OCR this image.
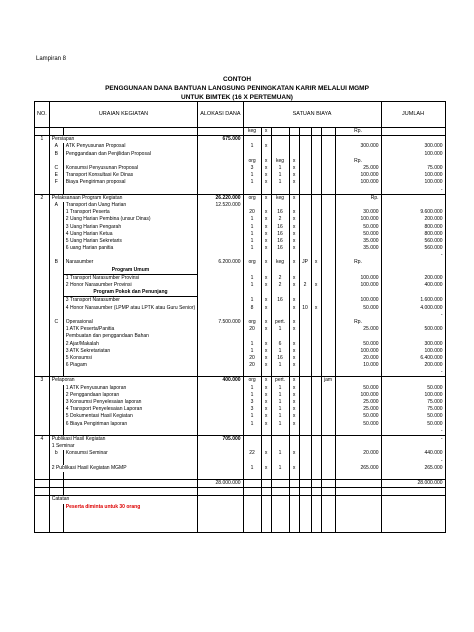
Lampiran 8
CONTOH
PENGGUNAAN DANA BANTUAN LANGSUNG PENINGKATAN KARIR MELALUI MGMP
UNTUK BIMTEK (16 X PERTEMUAN)
NO.	URAIAN KEGIATAN		ALOKASI DANA	SATUAN BIAYA								JUMLAH
				keg	x						Rp.	
1	Persiapan		675.000									
	A	ATK Penyusunan Proposal		1	x						300.000	300.000
	B	Penggandaan dan Penjilidan Proposal										100.000
				org	x	keg	x				Rp.	
	C	Konsumsi Penyusunan Proposal		3	x	1	x				25.000	75.000
	E	Transport Konsultasi Ke Dinas		1	x	1	x				100.000	100.000
	F	Biaya Pengiriman proposal		1	x	1	x				100.000	100.000
												-
2	Pelaksanaan Program Kegiatan		26.220.000	org	x	keg	x				Rp.	
	A	Transport dan Uang Harian	12.520.000									
		1 Transport Peserta		20	x	16	x				30.000	9.600.000
		2 Uang Harian Pembina (unsur Dinas)		1	x	2	x				100.000	200.000
		3 Uang Harian Pengarah		1	x	16	x				50.000	800.000
		4 Uang Harian Ketua		1	x	16	x				50.000	800.000
		5 Uang Harian Sekretaris		1	x	16	x				35.000	560.000
		6 uang Harian panitia		1	x	16	x				35.000	560.000
												-
	B	Narasumber	6.200.000	org	x	keg	x	JP	x		Rp.	
		Program Umum										
		1 Transport Narasumber Provinsi		1	x	2	x				100.000	200.000
		2 Honor Narasumber Provinsi		1	x	2	x	2	x		100.000	400.000
		Program Pokok dan Penunjang										
		3 Transport Narasumber		1	x	16	x				100.000	1.600.000
		4 Honor Narasumber (LPMP atau LPTK atau Guru Senior)		8	x		x	10	x		50.000	4.000.000
												-
	C	Operasional	7.500.000	org	x	pert.	x				Rp.	
		1 ATK Peserta/Panitia		20	x	1	x				25.000	500.000
		Pembuatan dan penggandaan Bahan										
		2 Ajar/Makalah		1	x	6	x				50.000	300.000
		3 ATK Sekretariatan		1	x	1	x				100.000	100.000
		5 Konsumsi		20	x	16	x				20.000	6.400.000
		6 Piagam		20	x	1	x				10.000	200.000
												-
3	Pelaporan		400.000	org	x	pert.	x			jam		
		1 ATK Penyusunan laporan		1	x	1	x				50.000	50.000
		2 Penggandaan laporan		1	x	1	x				100.000	100.000
		3 Konsumsi Penyelesaian laporan		3	x	1	x				25.000	75.000
		4 Transport Penyelesaian Laporan		3	x	1	x				25.000	75.000
		5 Dokumentasi Hasil Kegiatan		1	x	1	x				50.000	50.000
		6 Biaya Pengiriman laporan		1	x	1	x				50.000	50.000
												-
4	Publikasi Hasil Kegiatan		705.000									-
	1 Seminar											
	b	Konsumsi Seminar		22	x	1	x				20.000	440.000
												-
	2 Publikasi Hasil Kegiatan MGMP			1	x	1	x				265.000	265.000

			28.000.000									28.000.000

	Catatan											
		Peserta diminta untuk 30 orang										
